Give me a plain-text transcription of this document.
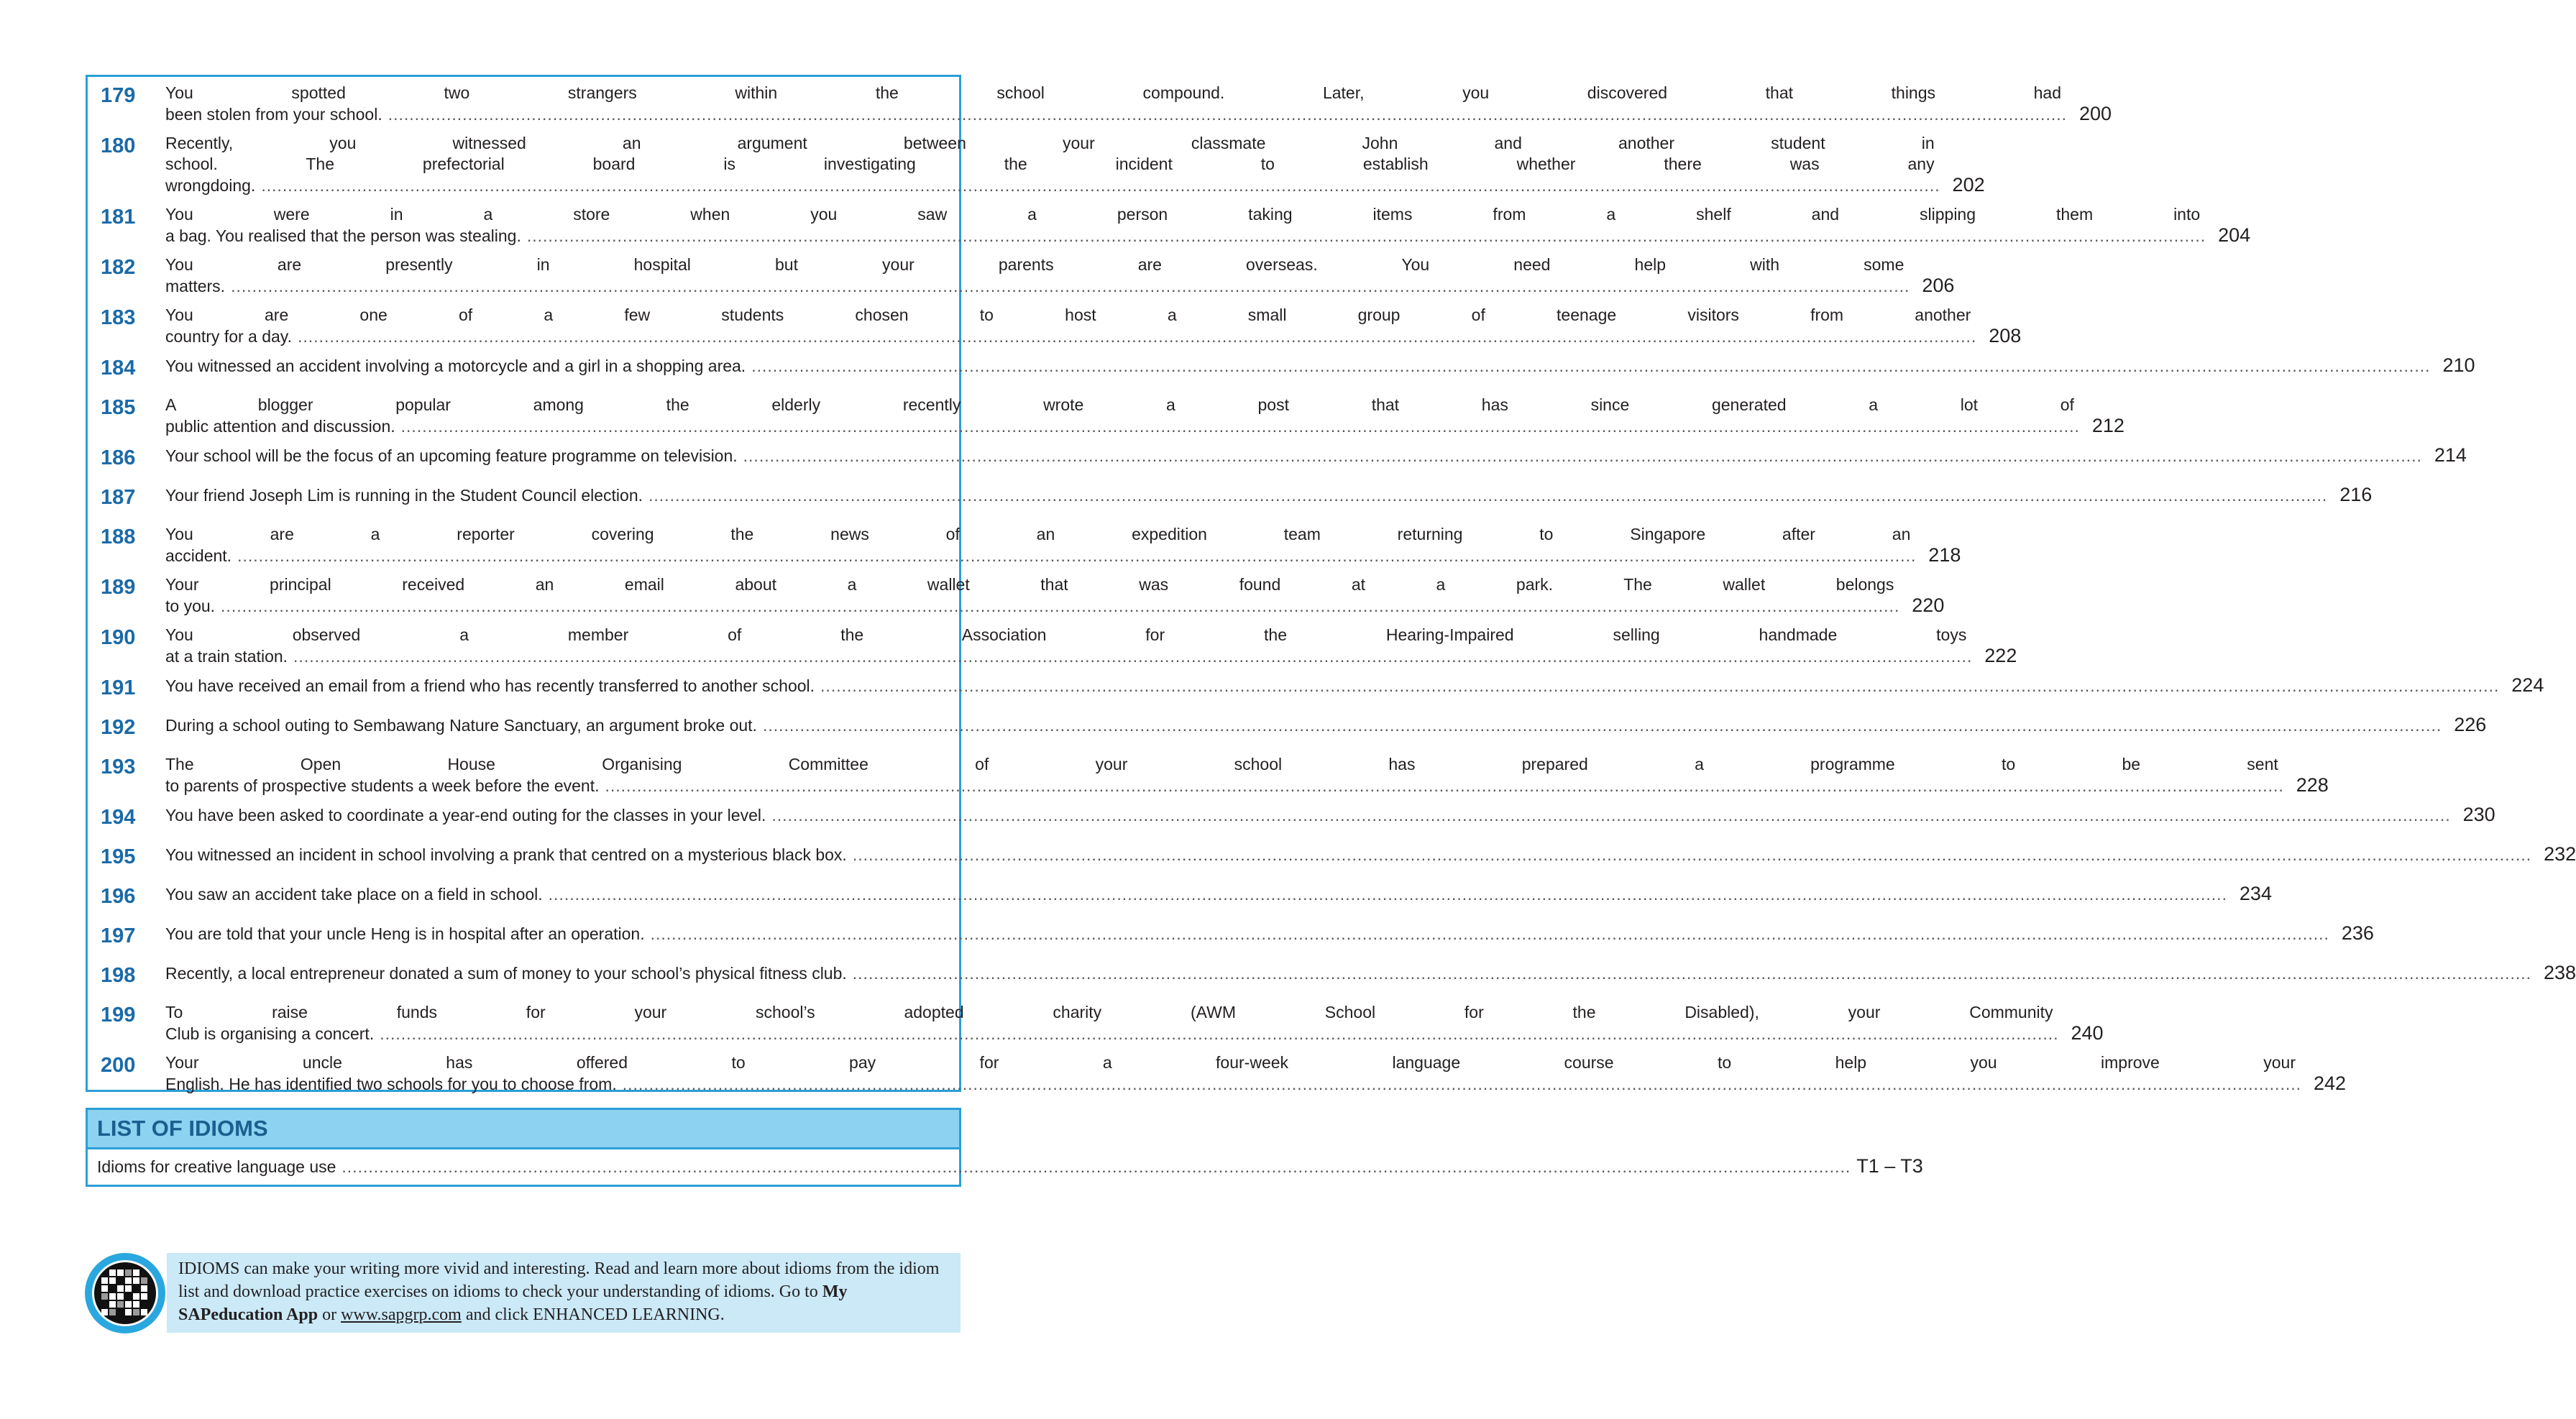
179	You spotted two strangers within the school compound. Later, you discovered that things had
been stolen from your school. .....	200
180	Recently, you witnessed an argument between your classmate John and another student in
school. The prefectorial board is investigating the incident to establish whether there was any
wrongdoing. .....	202
181	You were in a store when you saw a person taking items from a shelf and slipping them into
a bag. You realised that the person was stealing. .....	204
182	You are presently in hospital but your parents are overseas. You need help with some
matters. .....	206
183	You are one of a few students chosen to host a small group of teenage visitors from another
country for a day. .....	208
184	You witnessed an accident involving a motorcycle and a girl in a shopping area. .....	210
185	A blogger popular among the elderly recently wrote a post that has since generated a lot of
public attention and discussion. .....	212
186	Your school will be the focus of an upcoming feature programme on television. .....	214
187	Your friend Joseph Lim is running in the Student Council election. .....	216
188	You are a reporter covering the news of an expedition team returning to Singapore after an
accident. .....	218
189	Your principal received an email about a wallet that was found at a park. The wallet belongs
to you. .....	220
190	You observed a member of the Association for the Hearing-Impaired selling handmade toys
at a train station. .....	222
191	You have received an email from a friend who has recently transferred to another school. .....	224
192	During a school outing to Sembawang Nature Sanctuary, an argument broke out. .....	226
193	The Open House Organising Committee of your school has prepared a programme to be sent
to parents of prospective students a week before the event. .....	228
194	You have been asked to coordinate a year-end outing for the classes in your level. .....	230
195	You witnessed an incident in school involving a prank that centred on a mysterious black box. .....	232
196	You saw an accident take place on a field in school. .....	234
197	You are told that your uncle Heng is in hospital after an operation. .....	236
198	Recently, a local entrepreneur donated a sum of money to your school’s physical fitness club. .....	238
199	To raise funds for your school’s adopted charity (AWM School for the Disabled), your Community
Club is organising a concert. .....	240
200	Your uncle has offered to pay for a four-week language course to help you improve your
English. He has identified two schools for you to choose from. .....	242
LIST OF IDIOMS
Idioms for creative language use .....	T1 – T3
IDIOMS can make your writing more vivid and interesting. Read and learn more about idioms from the idiom list and download practice exercises on idioms to check your understanding of idioms. Go to My SAPeducation App or www.sapgrp.com and click ENHANCED LEARNING.
